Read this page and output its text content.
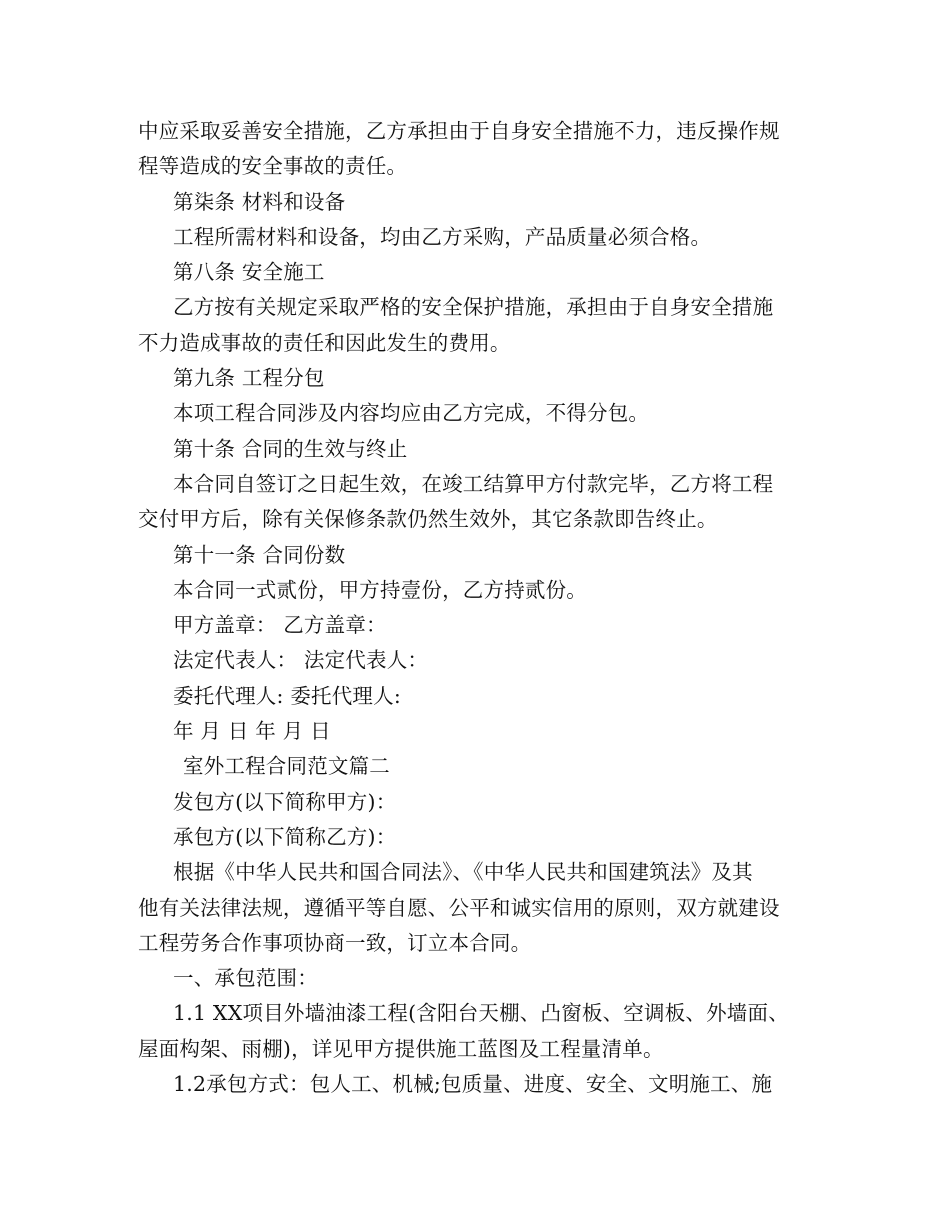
中应采取妥善安全措施，乙方承担由于自身安全措施不力，违反操作规
程等造成的安全事故的责任。
第柒条 材料和设备
工程所需材料和设备，均由乙方采购，产品质量必须合格。
第八条 安全施工
乙方按有关规定采取严格的安全保护措施，承担由于自身安全措施
不力造成事故的责任和因此发生的费用。
第九条 工程分包
本项工程合同涉及内容均应由乙方完成，不得分包。
第十条 合同的生效与终止
本合同自签订之日起生效，在竣工结算甲方付款完毕，乙方将工程
交付甲方后，除有关保修条款仍然生效外，其它条款即告终止。
第十一条 合同份数
本合同一式贰份，甲方持壹份，乙方持贰份。
甲方盖章： 乙方盖章：
法定代表人： 法定代表人：
委托代理人: 委托代理人:
年 月 日 年 月 日
室外工程合同范文篇二
发包方(以下简称甲方)：
承包方(以下简称乙方)：
根据《中华人民共和国合同法》、《中华人民共和国建筑法》及其
他有关法律法规，遵循平等自愿、公平和诚实信用的原则，双方就建设
工程劳务合作事项协商一致，订立本合同。
一、承包范围：
1.1 XX项目外墙油漆工程(含阳台天棚、凸窗板、空调板、外墙面、
屋面构架、雨棚)，详见甲方提供施工蓝图及工程量清单。
1.2承包方式：包人工、机械;包质量、进度、安全、文明施工、施
